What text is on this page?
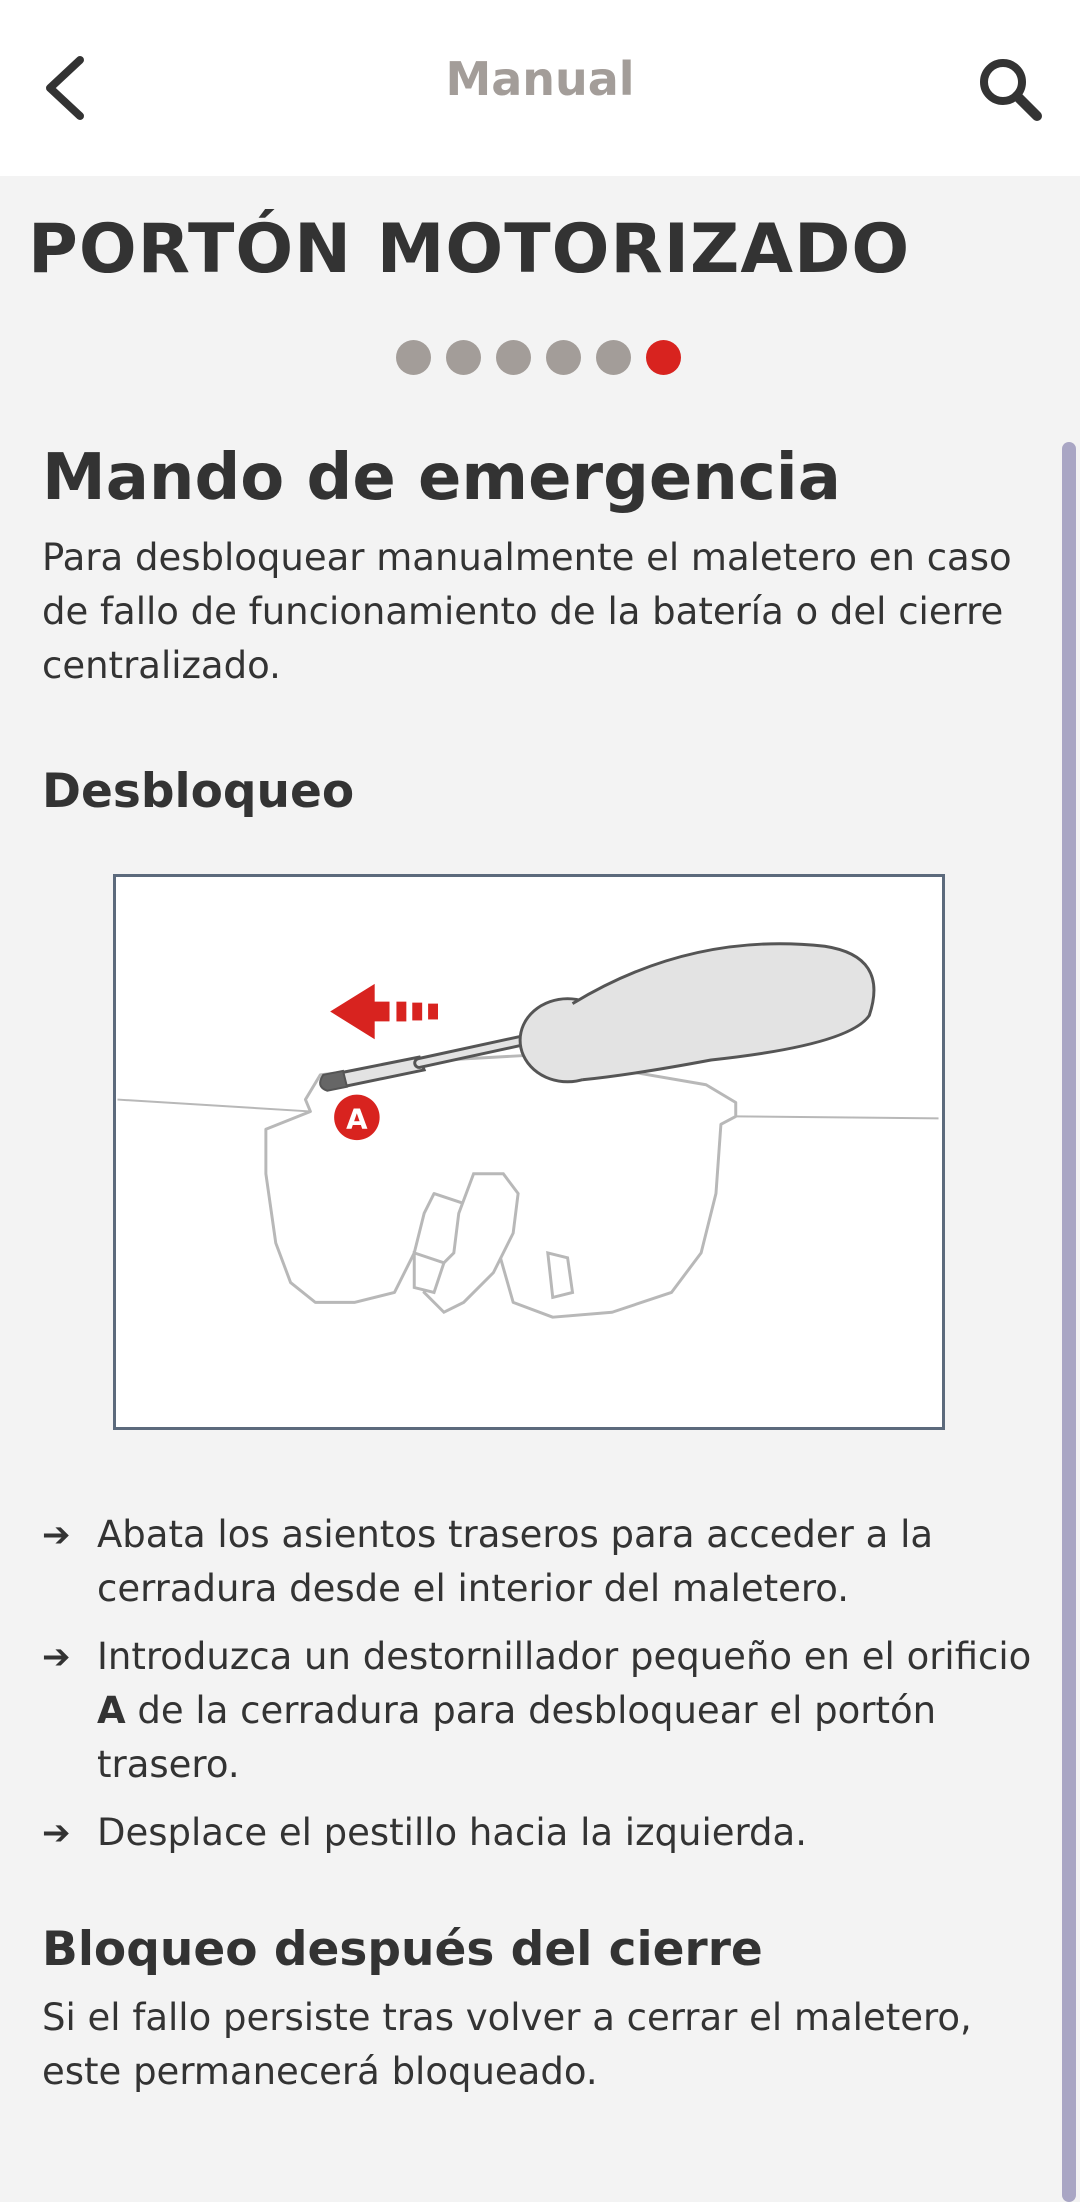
Manual
PORTÓN MOTORIZADO
Mando de emergencia

Para desbloquear manualmente el maletero en caso de fallo de funcionamiento de la batería o del cierre centralizado.

Desbloqueo
A
➔ Abata los asientos traseros para acceder a la cerradura desde el interior del maletero.
➔ Introduzca un destornillador pequeño en el orificio A de la cerradura para desbloquear el portón trasero.
➔ Desplace el pestillo hacia la izquierda.
Bloqueo después del cierre

Si el fallo persiste tras volver a cerrar el maletero, este permanecerá bloqueado.
